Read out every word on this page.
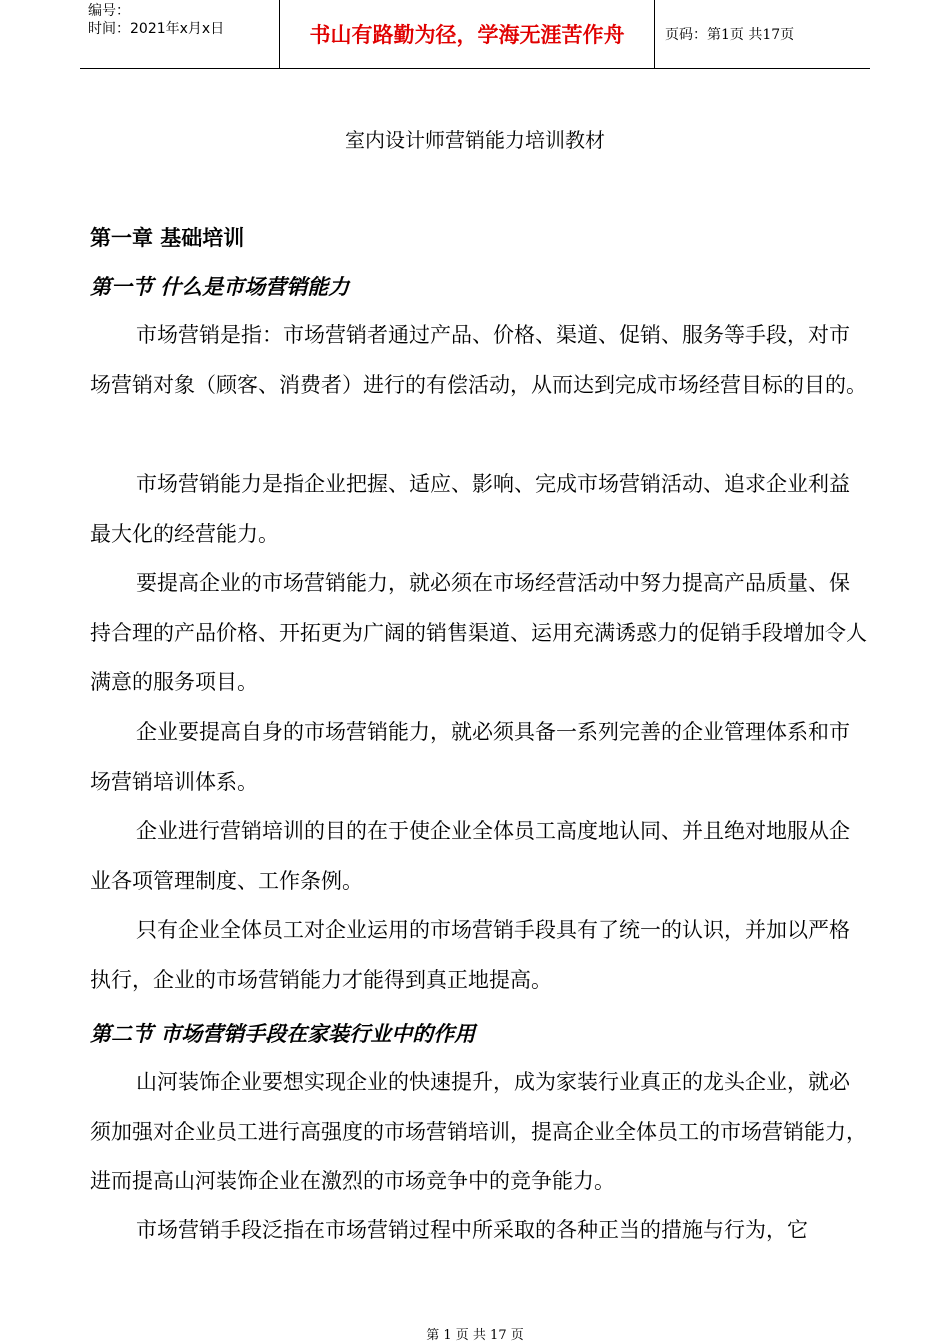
编号：
时间：2021年x月x日	书山有路勤为径，学海无涯苦作舟	页码：第1页 共17页
室内设计师营销能力培训教材
第一章 基础培训
第一节 什么是市场营销能力

市场营销是指：市场营销者通过产品、价格、渠道、促销、服务等手段，对市场营销对象（顾客、消费者）进行的有偿活动，从而达到完成市场经营目标的目的。

市场营销能力是指企业把握、适应、影响、完成市场营销活动、追求企业利益最大化的经营能力。

要提高企业的市场营销能力，就必须在市场经营活动中努力提高产品质量、保持合理的产品价格、开拓更为广阔的销售渠道、运用充满诱惑力的促销手段增加令人满意的服务项目。

企业要提高自身的市场营销能力，就必须具备一系列完善的企业管理体系和市场营销培训体系。

企业进行营销培训的目的在于使企业全体员工高度地认同、并且绝对地服从企业各项管理制度、工作条例。

只有企业全体员工对企业运用的市场营销手段具有了统一的认识，并加以严格执行，企业的市场营销能力才能得到真正地提高。

第二节 市场营销手段在家装行业中的作用

山河装饰企业要想实现企业的快速提升，成为家装行业真正的龙头企业，就必须加强对企业员工进行高强度的市场营销培训，提高企业全体员工的市场营销能力，进而提高山河装饰企业在激烈的市场竞争中的竞争能力。

市场营销手段泛指在市场营销过程中所采取的各种正当的措施与行为，它

第 1 页 共 17 页
